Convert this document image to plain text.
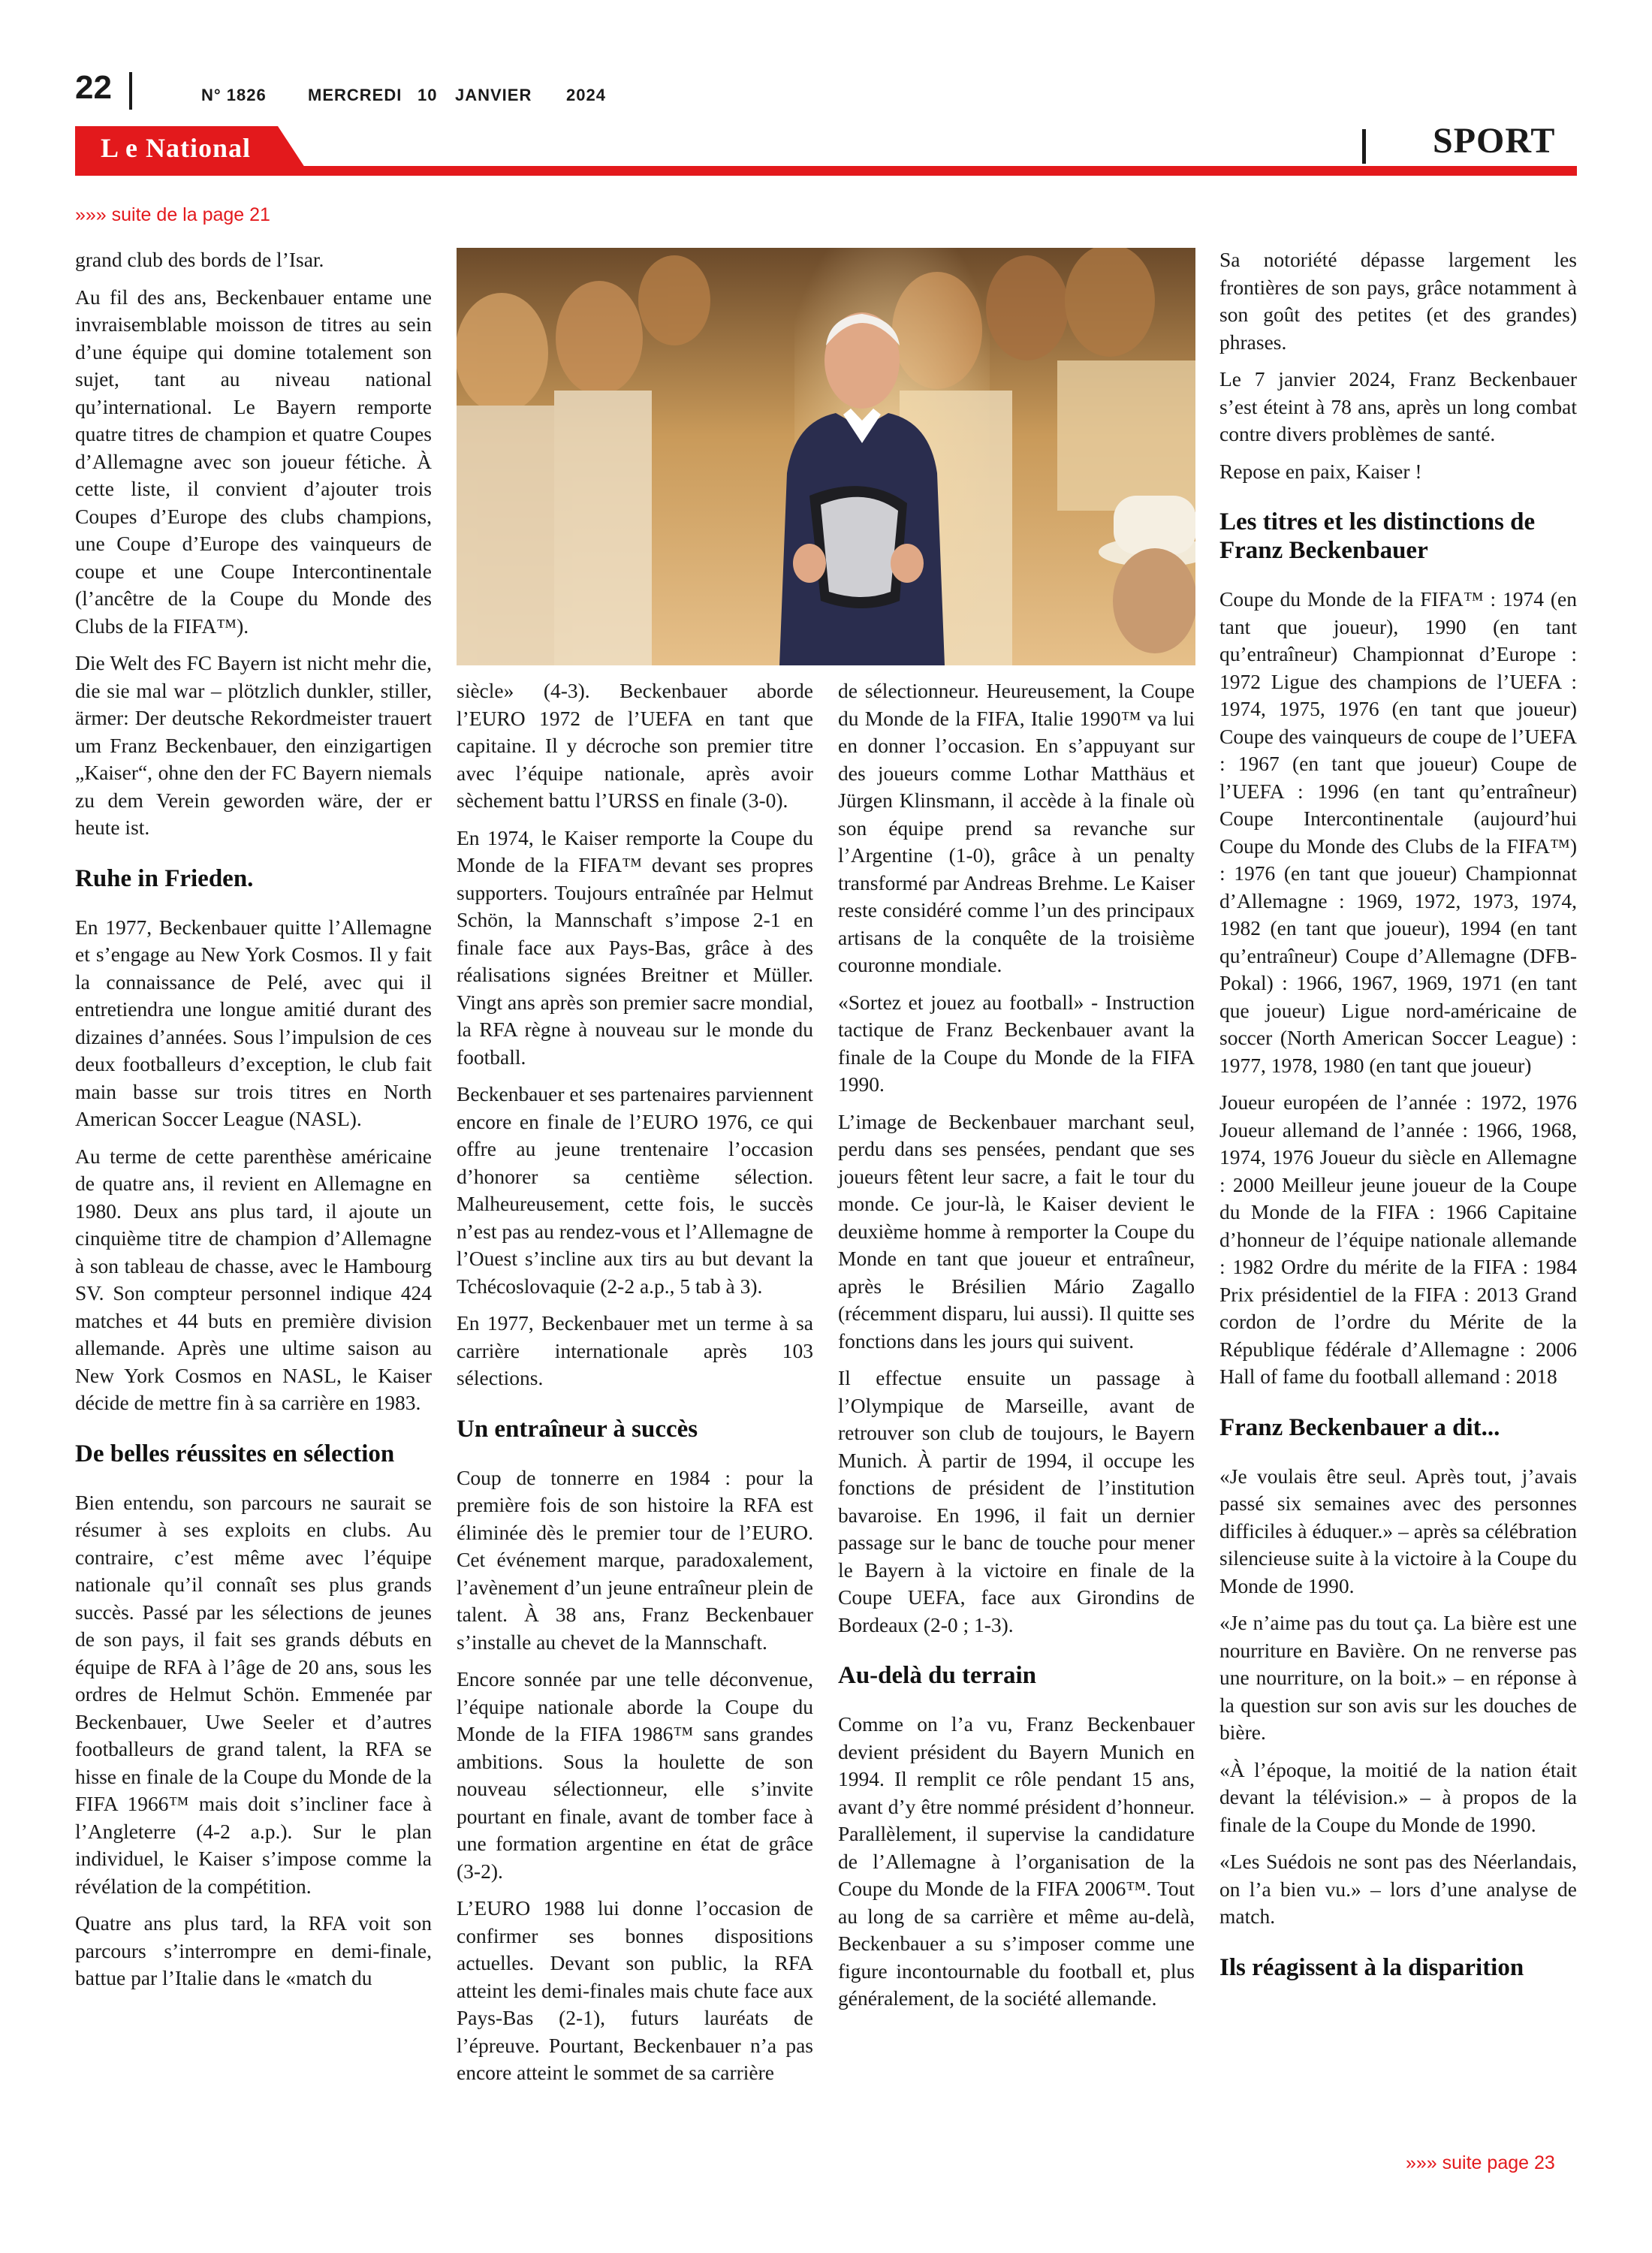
22	N° 1826	MERCREDI 10 JANVIER 2024
L e National	SPORT
»»» suite de la page 21

grand club des bords de l’Isar.

Au fil des ans, Beckenbauer entame une invraisemblable moisson de titres au sein d’une équipe qui domine totalement son sujet, tant au niveau national qu’international. Le Bayern remporte quatre titres de champion et quatre Coupes d’Allemagne avec son joueur fétiche. À cette liste, il convient d’ajouter trois Coupes d’Europe des clubs champions, une Coupe d’Europe des vainqueurs de coupe et une Coupe Intercontinentale (l’ancêtre de la Coupe du Monde des Clubs de la FIFA™).

Die Welt des FC Bayern ist nicht mehr die, die sie mal war – plötzlich dunkler, stiller, ärmer: Der deutsche Rekordmeister trauert um Franz Beckenbauer, den einzigartigen „Kaiser“, ohne den der FC Bayern niemals zu dem Verein geworden wäre, der er heute ist.

Ruhe in Frieden.

En 1977, Beckenbauer quitte l’Allemagne et s’engage au New York Cosmos. Il y fait la connaissance de Pelé, avec qui il entretiendra une longue amitié durant des dizaines d’années. Sous l’impulsion de ces deux footballeurs d’exception, le club fait main basse sur trois titres en North American Soccer League (NASL).

Au terme de cette parenthèse américaine de quatre ans, il revient en Allemagne en 1980. Deux ans plus tard, il ajoute un cinquième titre de champion d’Allemagne à son tableau de chasse, avec le Hambourg SV. Son compteur personnel indique 424 matches et 44 buts en première division allemande. Après une ultime saison au New York Cosmos en NASL, le Kaiser décide de mettre fin à sa carrière en 1983.

De belles réussites en sélection

Bien entendu, son parcours ne saurait se résumer à ses exploits en clubs. Au contraire, c’est même avec l’équipe nationale qu’il connaît ses plus grands succès. Passé par les sélections de jeunes de son pays, il fait ses grands débuts en équipe de RFA à l’âge de 20 ans, sous les ordres de Helmut Schön. Emmenée par Beckenbauer, Uwe Seeler et d’autres footballeurs de grand talent, la RFA se hisse en finale de la Coupe du Monde de la FIFA 1966™ mais doit s’incliner face à l’Angleterre (4-2 a.p.). Sur le plan individuel, le Kaiser s’impose comme la révélation de la compétition.

Quatre ans plus tard, la RFA voit son parcours s’interrompre en demi-finale, battue par l’Italie dans le «match du

siècle» (4-3). Beckenbauer aborde l’EURO 1972 de l’UEFA en tant que capitaine. Il y décroche son premier titre avec l’équipe nationale, après avoir sèchement battu l’URSS en finale (3-0).

En 1974, le Kaiser remporte la Coupe du Monde de la FIFA™ devant ses propres supporters. Toujours entraînée par Helmut Schön, la Mannschaft s’impose 2-1 en finale face aux Pays-Bas, grâce à des réalisations signées Breitner et Müller. Vingt ans après son premier sacre mondial, la RFA règne à nouveau sur le monde du football.

Beckenbauer et ses partenaires parviennent encore en finale de l’EURO 1976, ce qui offre au jeune trentenaire l’occasion d’honorer sa centième sélection. Malheureusement, cette fois, le succès n’est pas au rendez-vous et l’Allemagne de l’Ouest s’incline aux tirs au but devant la Tchécoslovaquie (2-2 a.p., 5 tab à 3).

En 1977, Beckenbauer met un terme à sa carrière internationale après 103 sélections.

Un entraîneur à succès

Coup de tonnerre en 1984 : pour la première fois de son histoire la RFA est éliminée dès le premier tour de l’EURO. Cet événement marque, paradoxalement, l’avènement d’un jeune entraîneur plein de talent. À 38 ans, Franz Beckenbauer s’installe au chevet de la Mannschaft.

Encore sonnée par une telle déconvenue, l’équipe nationale aborde la Coupe du Monde de la FIFA 1986™ sans grandes ambitions. Sous la houlette de son nouveau sélectionneur, elle s’invite pourtant en finale, avant de tomber face à une formation argentine en état de grâce (3-2).

L’EURO 1988 lui donne l’occasion de confirmer ses bonnes dispositions actuelles. Devant son public, la RFA atteint les demi-finales mais chute face aux Pays-Bas (2-1), futurs lauréats de l’épreuve. Pourtant, Beckenbauer n’a pas encore atteint le sommet de sa carrière

de sélectionneur. Heureusement, la Coupe du Monde de la FIFA, Italie 1990™ va lui en donner l’occasion. En s’appuyant sur des joueurs comme Lothar Matthäus et Jürgen Klinsmann, il accède à la finale où son équipe prend sa revanche sur l’Argentine (1-0), grâce à un penalty transformé par Andreas Brehme. Le Kaiser reste considéré comme l’un des principaux artisans de la conquête de la troisième couronne mondiale.

«Sortez et jouez au football» - Instruction tactique de Franz Beckenbauer avant la finale de la Coupe du Monde de la FIFA 1990.

L’image de Beckenbauer marchant seul, perdu dans ses pensées, pendant que ses joueurs fêtent leur sacre, a fait le tour du monde. Ce jour-là, le Kaiser devient le deuxième homme à remporter la Coupe du Monde en tant que joueur et entraîneur, après le Brésilien Mário Zagallo (récemment disparu, lui aussi). Il quitte ses fonctions dans les jours qui suivent.

Il effectue ensuite un passage à l’Olympique de Marseille, avant de retrouver son club de toujours, le Bayern Munich. À partir de 1994, il occupe les fonctions de président de l’institution bavaroise. En 1996, il fait un dernier passage sur le banc de touche pour mener le Bayern à la victoire en finale de la Coupe UEFA, face aux Girondins de Bordeaux (2-0 ; 1-3).

Au-delà du terrain

Comme on l’a vu, Franz Beckenbauer devient président du Bayern Munich en 1994. Il remplit ce rôle pendant 15 ans, avant d’y être nommé président d’honneur. Parallèlement, il supervise la candidature de l’Allemagne à l’organisation de la Coupe du Monde de la FIFA 2006™. Tout au long de sa carrière et même au-delà, Beckenbauer a su s’imposer comme une figure incontournable du football et, plus généralement, de la société allemande.

Sa notoriété dépasse largement les frontières de son pays, grâce notamment à son goût des petites (et des grandes) phrases.

Le 7 janvier 2024, Franz Beckenbauer s’est éteint à 78 ans, après un long combat contre divers problèmes de santé.

Repose en paix, Kaiser !

Les titres et les distinctions de Franz Beckenbauer

Coupe du Monde de la FIFA™ : 1974 (en tant que joueur), 1990 (en tant qu’entraîneur) Championnat d’Europe : 1972 Ligue des champions de l’UEFA : 1974, 1975, 1976 (en tant que joueur) Coupe des vainqueurs de coupe de l’UEFA : 1967 (en tant que joueur) Coupe de l’UEFA : 1996 (en tant qu’entraîneur) Coupe Intercontinentale (aujourd’hui Coupe du Monde des Clubs de la FIFA™) : 1976 (en tant que joueur) Championnat d’Allemagne : 1969, 1972, 1973, 1974, 1982 (en tant que joueur), 1994 (en tant qu’entraîneur) Coupe d’Allemagne (DFB-Pokal) : 1966, 1967, 1969, 1971 (en tant que joueur) Ligue nord-américaine de soccer (North American Soccer League) : 1977, 1978, 1980 (en tant que joueur)

Joueur européen de l’année : 1972, 1976 Joueur allemand de l’année : 1966, 1968, 1974, 1976 Joueur du siècle en Allemagne : 2000 Meilleur jeune joueur de la Coupe du Monde de la FIFA : 1966 Capitaine d’honneur de l’équipe nationale allemande : 1982 Ordre du mérite de la FIFA : 1984 Prix présidentiel de la FIFA : 2013 Grand cordon de l’ordre du Mérite de la République fédérale d’Allemagne : 2006 Hall of fame du football allemand : 2018

Franz Beckenbauer a dit...

«Je voulais être seul. Après tout, j’avais passé six semaines avec des personnes difficiles à éduquer.» – après sa célébration silencieuse suite à la victoire à la Coupe du Monde de 1990.

«Je n’aime pas du tout ça. La bière est une nourriture en Bavière. On ne renverse pas une nourriture, on la boit.» – en réponse à la question sur son avis sur les douches de bière.

«À l’époque, la moitié de la nation était devant la télévision.» – à propos de la finale de la Coupe du Monde de 1990.

«Les Suédois ne sont pas des Néerlandais, on l’a bien vu.» – lors d’une analyse de match.

Ils réagissent à la disparition
»»» suite page 23
